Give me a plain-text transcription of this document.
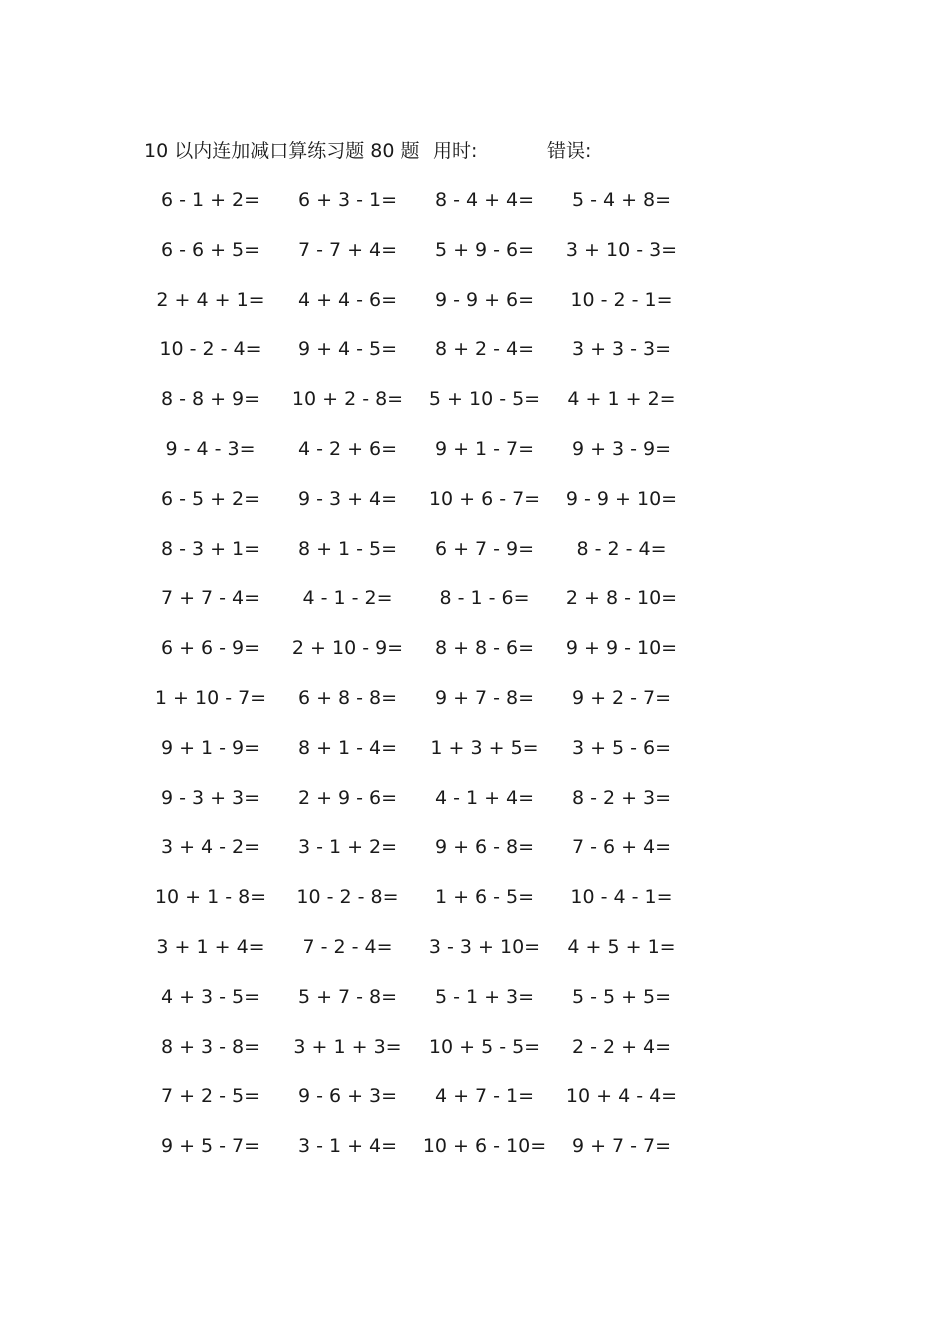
10 以内连加减口算练习题 80 题 用时:	错误:
6 - 1 + 2=	6 + 3 - 1=	8 - 4 + 4=	5 - 4 + 8=
6 - 6 + 5=	7 - 7 + 4=	5 + 9 - 6=	3 + 10 - 3=
2 + 4 + 1=	4 + 4 - 6=	9 - 9 + 6=	10 - 2 - 1=
10 - 2 - 4=	9 + 4 - 5=	8 + 2 - 4=	3 + 3 - 3=
8 - 8 + 9=	10 + 2 - 8=	5 + 10 - 5=	4 + 1 + 2=
9 - 4 - 3=	4 - 2 + 6=	9 + 1 - 7=	9 + 3 - 9=
6 - 5 + 2=	9 - 3 + 4=	10 + 6 - 7=	9 - 9 + 10=
8 - 3 + 1=	8 + 1 - 5=	6 + 7 - 9=	8 - 2 - 4=
7 + 7 - 4=	4 - 1 - 2=	8 - 1 - 6=	2 + 8 - 10=
6 + 6 - 9=	2 + 10 - 9=	8 + 8 - 6=	9 + 9 - 10=
1 + 10 - 7=	6 + 8 - 8=	9 + 7 - 8=	9 + 2 - 7=
9 + 1 - 9=	8 + 1 - 4=	1 + 3 + 5=	3 + 5 - 6=
9 - 3 + 3=	2 + 9 - 6=	4 - 1 + 4=	8 - 2 + 3=
3 + 4 - 2=	3 - 1 + 2=	9 + 6 - 8=	7 - 6 + 4=
10 + 1 - 8=	10 - 2 - 8=	1 + 6 - 5=	10 - 4 - 1=
3 + 1 + 4=	7 - 2 - 4=	3 - 3 + 10=	4 + 5 + 1=
4 + 3 - 5=	5 + 7 - 8=	5 - 1 + 3=	5 - 5 + 5=
8 + 3 - 8=	3 + 1 + 3=	10 + 5 - 5=	2 - 2 + 4=
7 + 2 - 5=	9 - 6 + 3=	4 + 7 - 1=	10 + 4 - 4=
9 + 5 - 7=	3 - 1 + 4=	10 + 6 - 10=	9 + 7 - 7=
